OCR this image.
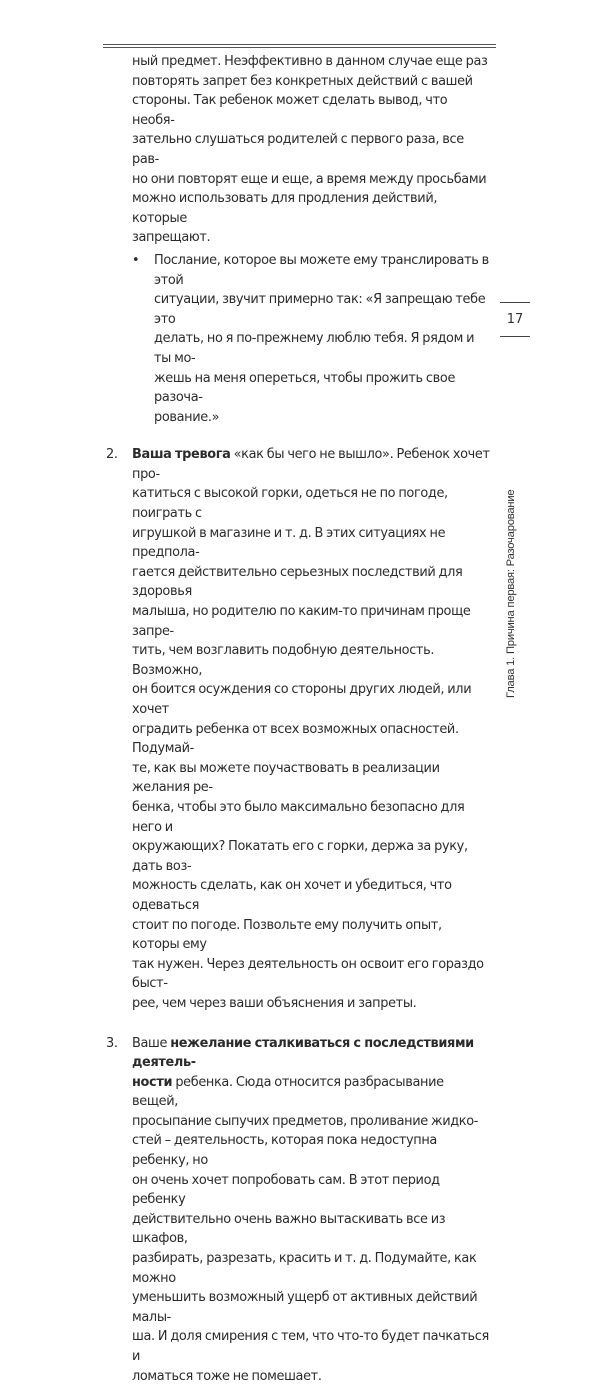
ный предмет. Неэффективно в данном случае еще раз

повторять запрет без конкретных действий с вашей

стороны. Так ребенок может сделать вывод, что необя-

зательно слушаться родителей с первого раза, все рав-

но они повторят еще и еще, а время между просьбами

можно использовать для продления действий, которые

запрещают.

•	Послание, которое вы можете ему транслировать в этой

ситуации, звучит примерно так: «Я запрещаю тебе это

делать, но я по-прежнему люблю тебя. Я рядом и ты мо-

жешь на меня опереться, чтобы прожить свое разоча-

рование.»

2.	Ваша тревога «как бы чего не вышло». Ребенок хочет про-

катиться с высокой горки, одеться не по погоде, поиграть с

игрушкой в магазине и т. д. В этих ситуациях не предпола-

гается действительно серьезных последствий для здоровья

малыша, но родителю по каким-то причинам проще запре-

тить, чем возглавить подобную деятельность. Возможно,

он боится осуждения со стороны других людей, или хочет

оградить ребенка от всех возможных опасностей. Подумай-

те, как вы можете поучаствовать в реализации желания ре-

бенка, чтобы это было максимально безопасно для него и

окружающих? Покатать его с горки, держа за руку, дать воз-

можность сделать, как он хочет и убедиться, что одеваться

стоит по погоде. Позвольте ему получить опыт, которы ему

так нужен. Через деятельность он освоит его гораздо быст-

рее, чем через ваши объяснения и запреты.

3.	Ваше нежелание сталкиваться с последствиями деятель-

ности ребенка. Сюда относится разбрасывание вещей,

просыпание сыпучих предметов, проливание жидко-

стей – деятельность, которая пока недоступна ребенку, но

он очень хочет попробовать сам. В этот период ребенку

действительно очень важно вытаскивать все из шкафов,

разбирать, разрезать, красить и т. д. Подумайте, как можно

уменьшить возможный ущерб от активных действий малы-

ша. И доля смирения с тем, что что-то будет пачкаться и

ломаться тоже не помешает.

17
Глава 1. Причина первая: Разочарование
